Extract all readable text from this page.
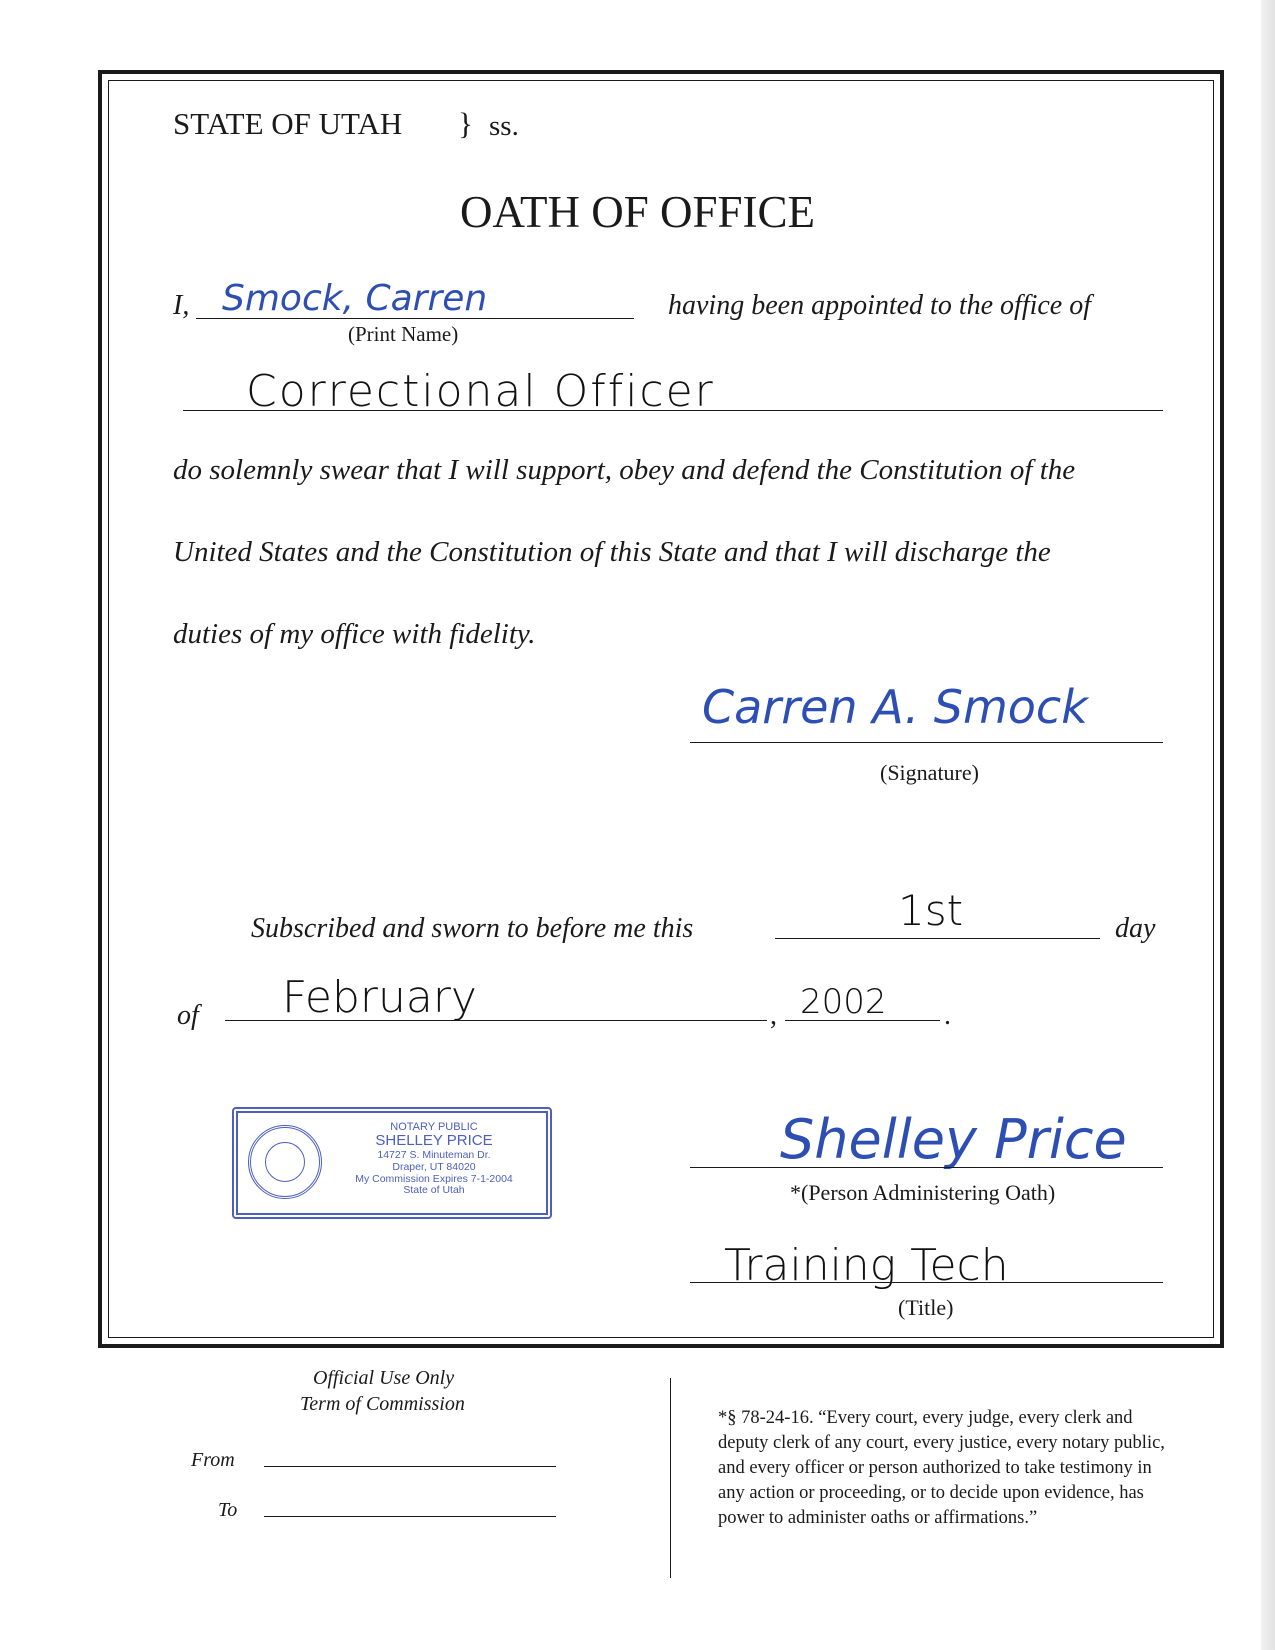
STATE OF UTAH } ss.
OATH OF OFFICE
I, Smock, Carren
(Print Name)
having been appointed to the office of
Correctional Officer
do solemnly swear that I will support, obey and defend the Constitution of the
United States and the Constitution of this State and that I will discharge the
duties of my office with fidelity.
Carren A. Smock
(Signature)
Subscribed and sworn to before me this	1st	day
of February	, 2002 .
NOTARY PUBLIC
SHELLEY PRICE
14727 S. Minuteman Dr.
Draper, UT 84020
My Commission Expires 7-1-2004
State of Utah
Shelley Price
*(Person Administering Oath)
Training Tech
(Title)
Official Use Only
Term of Commission
From
To
*§ 78-24-16. “Every court, every judge, every clerk and
deputy clerk of any court, every justice, every notary public,
and every officer or person authorized to take testimony in
any action or proceeding, or to decide upon evidence, has
power to administer oaths or affirmations.”
